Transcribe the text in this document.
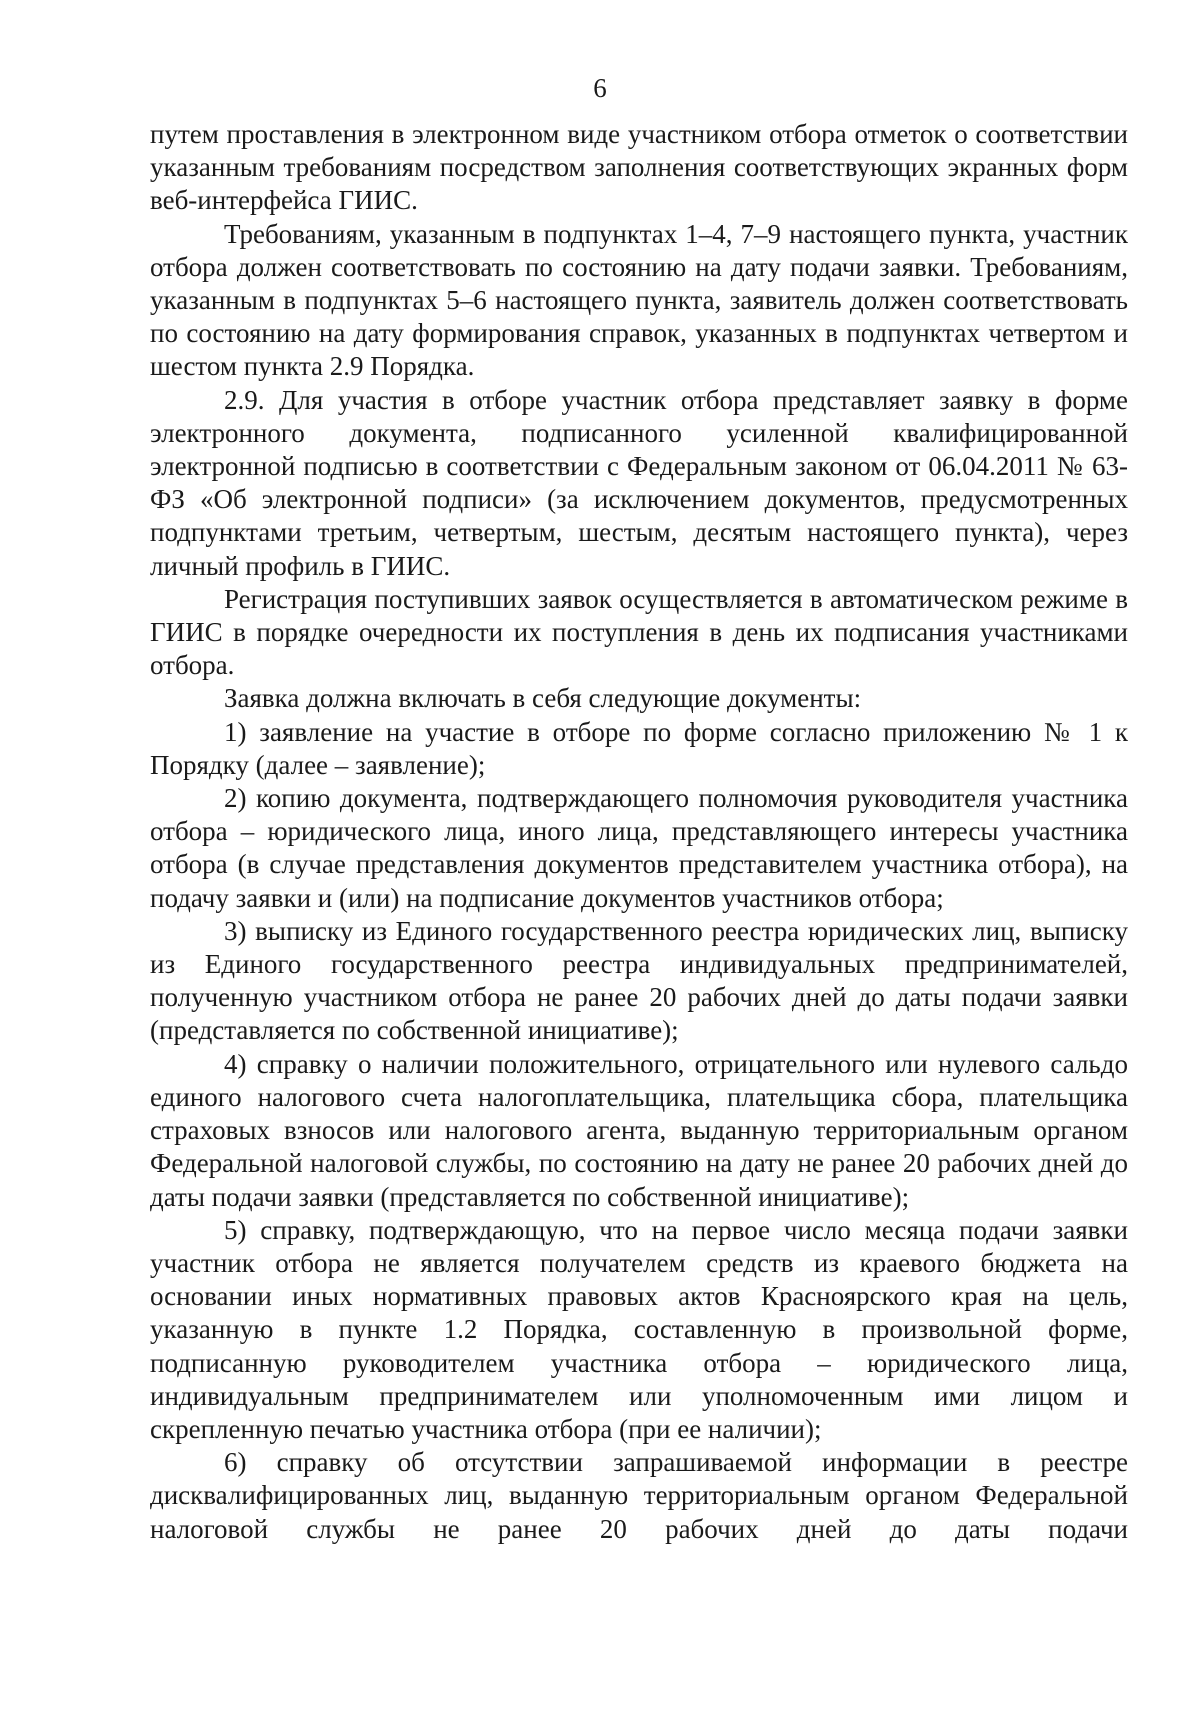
6

путем проставления в электронном виде участником отбора отметок о соответствии указанным требованиям посредством заполнения соответствующих экранных форм веб-интерфейса ГИИС.

Требованиям, указанным в подпунктах 1–4, 7–9 настоящего пункта, участник отбора должен соответствовать по состоянию на дату подачи заявки. Требованиям, указанным в подпунктах 5–6 настоящего пункта, заявитель должен соответствовать по состоянию на дату формирования справок, указанных в подпунктах четвертом и шестом пункта 2.9 Порядка.

2.9. Для участия в отборе участник отбора представляет заявку в форме электронного документа, подписанного усиленной квалифицированной электронной подписью в соответствии с Федеральным законом от 06.04.2011 № 63-ФЗ «Об электронной подписи» (за исключением документов, предусмотренных подпунктами третьим, четвертым, шестым, десятым настоящего пункта), через личный профиль в ГИИС.

Регистрация поступивших заявок осуществляется в автоматическом режиме в ГИИС в порядке очередности их поступления в день их подписания участниками отбора.

Заявка должна включать в себя следующие документы:

1) заявление на участие в отборе по форме согласно приложению № 1 к Порядку (далее – заявление);

2) копию документа, подтверждающего полномочия руководителя участника отбора – юридического лица, иного лица, представляющего интересы участника отбора (в случае представления документов представителем участника отбора), на подачу заявки и (или) на подписание документов участников отбора;

3) выписку из Единого государственного реестра юридических лиц, выписку из Единого государственного реестра индивидуальных предпринимателей, полученную участником отбора не ранее 20 рабочих дней до даты подачи заявки (представляется по собственной инициативе);

4) справку о наличии положительного, отрицательного или нулевого сальдо единого налогового счета налогоплательщика, плательщика сбора, плательщика страховых взносов или налогового агента, выданную территориальным органом Федеральной налоговой службы, по состоянию на дату не ранее 20 рабочих дней до даты подачи заявки (представляется по собственной инициативе);

5) справку, подтверждающую, что на первое число месяца подачи заявки участник отбора не является получателем средств из краевого бюджета на основании иных нормативных правовых актов Красноярского края на цель, указанную в пункте 1.2 Порядка, составленную в произвольной форме, подписанную руководителем участника отбора – юридического лица, индивидуальным предпринимателем или уполномоченным ими лицом и скрепленную печатью участника отбора (при ее наличии);

6) справку об отсутствии запрашиваемой информации в реестре дисквалифицированных лиц, выданную территориальным органом Федеральной налоговой службы не ранее 20 рабочих дней до даты подачи
